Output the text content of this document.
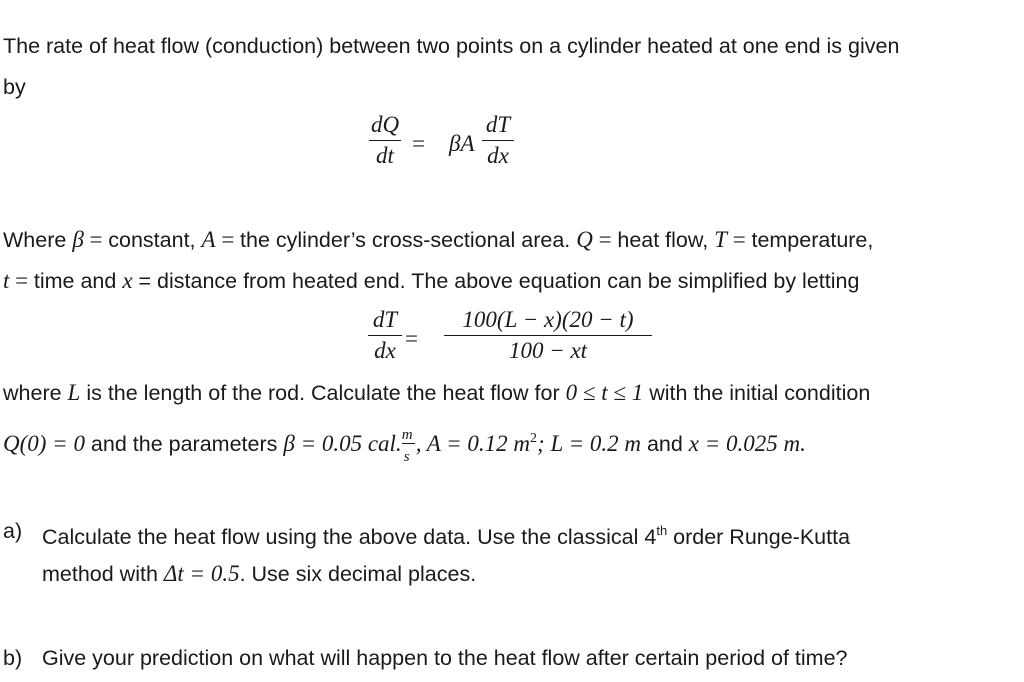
The rate of heat flow (conduction) between two points on a cylinder heated at one end is given
by
dQ
dt = βA
dT
dx
Where β = constant, A = the cylinder’s cross-sectional area. Q = heat flow, T = temperature,
t = time and x = distance from heated end. The above equation can be simplified by letting
dT
dx =
100(L − x)(20 − t)
100 − xt
where L is the length of the rod. Calculate the heat flow for 0 ≤ t ≤ 1 with the initial condition
Q(0) = 0 and the parameters β = 0.05 cal. $\frac{m}{s}$ , A = 0.12 $m^2$; L = 0.2 m and x = 0.025 m.
a) Calculate the heat flow using the above data. Use the classical 4th order Runge-Kutta
method with Δt = 0.5. Use six decimal places.
b) Give your prediction on what will happen to the heat flow after certain period of time?
